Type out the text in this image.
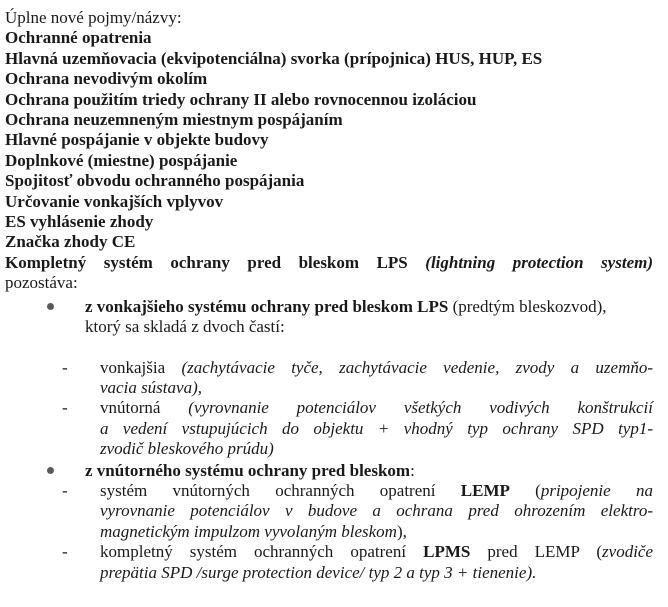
Úplne nové pojmy/názvy:
Ochranné opatrenia
Hlavná uzemňovacia (ekvipotenciálna) svorka (prípojnica) HUS, HUP, ES
Ochrana nevodivým okolím
Ochrana použitím triedy ochrany II alebo rovnocennou izoláciou
Ochrana neuzemneným miestnym pospájaním
Hlavné pospájanie v objekte budovy
Doplnkové (miestne) pospájanie
Spojitosť obvodu ochranného pospájania
Určovanie vonkajších vplyvov
ES vyhlásenie zhody
Značka zhody CE
Kompletný systém ochrany pred bleskom LPS (lightning protection system)
pozostáva:
z vonkajšieho systému ochrany pred bleskom LPS (predtým bleskozvod),
ktorý sa skladá z dvoch častí:
- vonkajšia (zachytávacie tyče, zachytávacie vedenie, zvody a uzemňo-
vacia sústava),
- vnútorná (vyrovnanie potenciálov všetkých vodivých konštrukcií
a vedení vstupujúcich do objektu + vhodný typ ochrany SPD typ1-
zvodič bleskového prúdu)
z vnútorného systému ochrany pred bleskom:
- systém vnútorných ochranných opatrení LEMP (pripojenie na
vyrovnanie potenciálov v budove a ochrana pred ohrozením elektro-
magnetickým impulzom vyvolaným bleskom),
- kompletný systém ochranných opatrení LPMS pred LEMP (zvodiče
prepätia SPD /surge protection device/ typ 2 a typ 3 + tienenie).
